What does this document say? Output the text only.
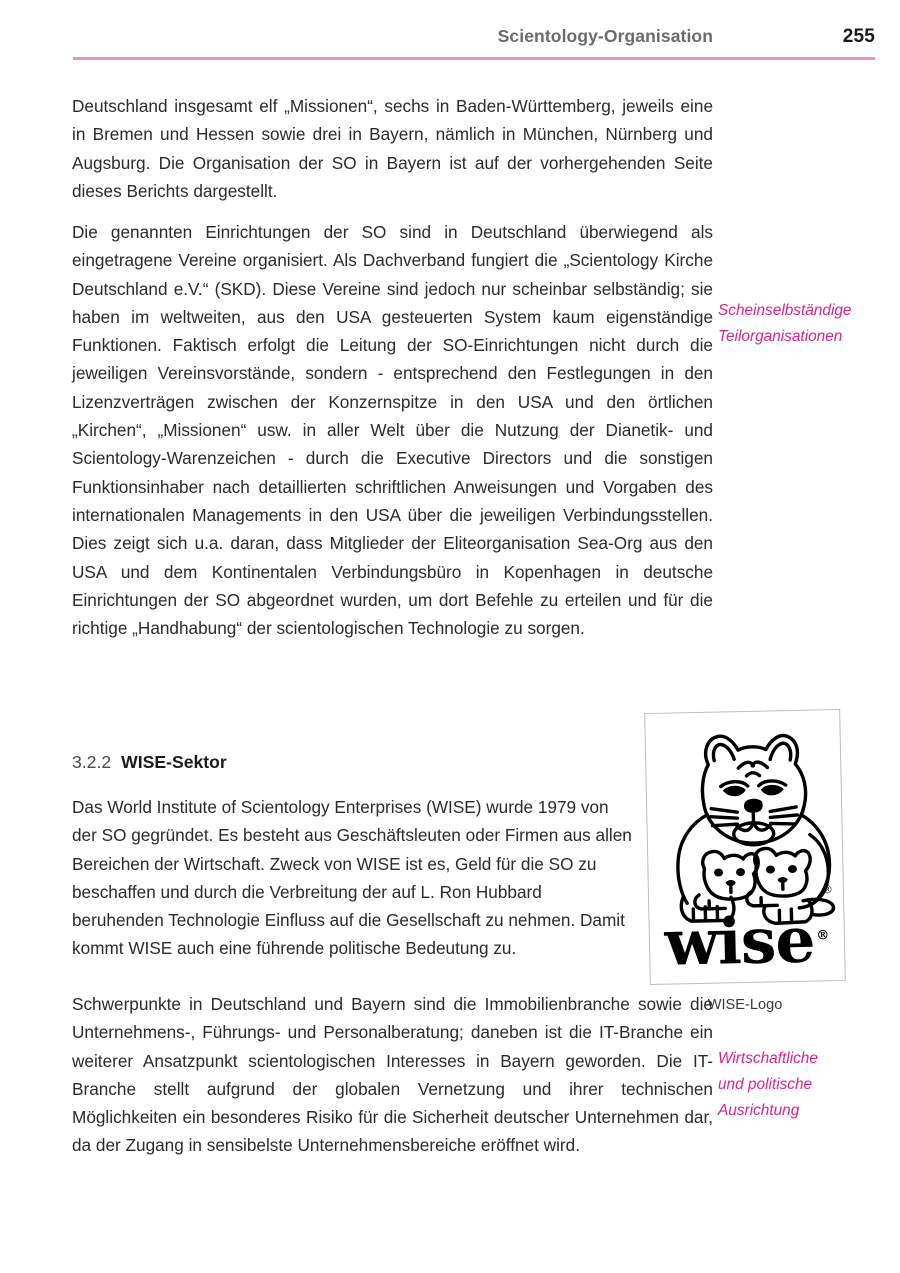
Scientology-Organisation	255

Deutschland insgesamt elf „Missionen“, sechs in Baden-Württemberg, jeweils eine in Bremen und Hessen sowie drei in Bayern, nämlich in München, Nürnberg und Augsburg. Die Organisation der SO in Bayern ist auf der vorhergehenden Seite dieses Berichts dargestellt.

Die genannten Einrichtungen der SO sind in Deutschland überwiegend als eingetragene Vereine organisiert. Als Dachverband fungiert die „Scientology Kirche Deutschland e.V.“ (SKD). Diese Vereine sind jedoch nur scheinbar selbständig; sie haben im weltweiten, aus den USA gesteuerten System kaum eigenständige Funktionen. Faktisch erfolgt die Leitung der SO-Einrichtungen nicht durch die jeweiligen Vereinsvorstände, sondern - entsprechend den Festlegungen in den Lizenzverträgen zwischen der Konzernspitze in den USA und den örtlichen „Kirchen“, „Missionen“ usw. in aller Welt über die Nutzung der Dianetik- und Scientology-Warenzeichen - durch die Executive Directors und die sonstigen Funktionsinhaber nach detaillierten schriftlichen Anweisungen und Vorgaben des internationalen Managements in den USA über die jeweiligen Verbindungsstellen. Dies zeigt sich u.a. daran, dass Mitglieder der Eliteorganisation Sea-Org aus den USA und dem Kontinentalen Verbindungsbüro in Kopenhagen in deutsche Einrichtungen der SO abgeordnet wurden, um dort Befehle zu erteilen und für die richtige „Handhabung“ der scientologischen Technologie zu sorgen.

Scheinselbständige
Teilorganisationen
3.2.2 WISE-Sektor

Das World Institute of Scientology Enterprises (WISE) wurde 1979 von der SO gegründet. Es besteht aus Geschäftsleuten oder Firmen aus allen Bereichen der Wirtschaft. Zweck von WISE ist es, Geld für die SO zu beschaffen und durch die Verbreitung der auf L. Ron Hubbard beruhenden Technologie Einfluss auf die Gesellschaft zu nehmen. Damit kommt WISE auch eine führende politische Bedeutung zu.

®
wise®
WISE-Logo

Schwerpunkte in Deutschland und Bayern sind die Immobilienbranche sowie die Unternehmens-, Führungs- und Personalberatung; daneben ist die IT-Branche ein weiterer Ansatzpunkt scientologischen Interesses in Bayern geworden. Die IT-Branche stellt aufgrund der globalen Vernetzung und ihrer technischen Möglichkeiten ein besonderes Risiko für die Sicherheit deutscher Unternehmen dar, da der Zugang in sensibelste Unternehmensbereiche eröffnet wird.

Wirtschaftliche
und politische
Ausrichtung
